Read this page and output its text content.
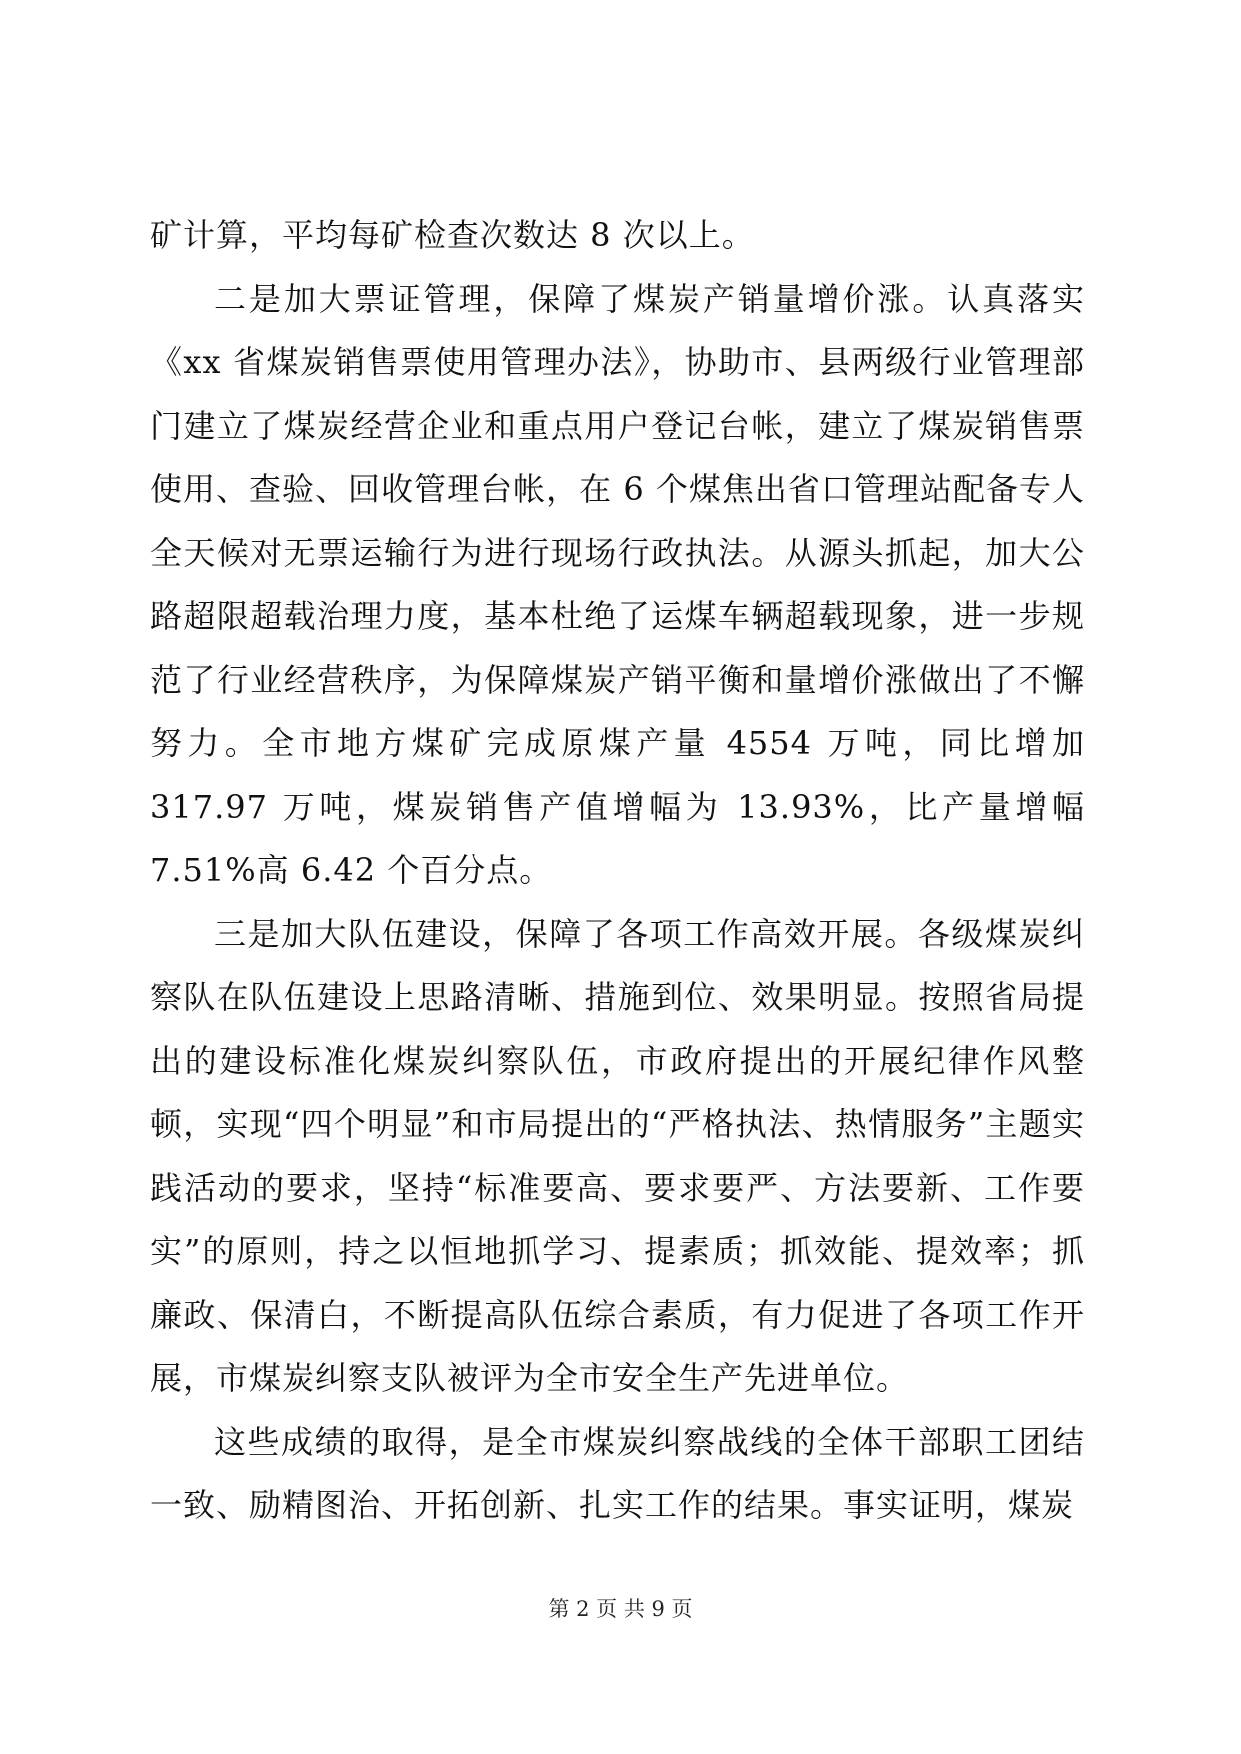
矿计算，平均每矿检查次数达 8 次以上。

二是加大票证管理，保障了煤炭产销量增价涨。认真落实《xx 省煤炭销售票使用管理办法》，协助市、县两级行业管理部门建立了煤炭经营企业和重点用户登记台帐，建立了煤炭销售票使用、查验、回收管理台帐，在 6 个煤焦出省口管理站配备专人全天候对无票运输行为进行现场行政执法。从源头抓起，加大公路超限超载治理力度，基本杜绝了运煤车辆超载现象，进一步规范了行业经营秩序，为保障煤炭产销平衡和量增价涨做出了不懈努力。全市地方煤矿完成原煤产量 4554 万吨，同比增加 317.97 万吨，煤炭销售产值增幅为 13.93%，比产量增幅 7.51%高 6.42 个百分点。

三是加大队伍建设，保障了各项工作高效开展。各级煤炭纠察队在队伍建设上思路清晰、措施到位、效果明显。按照省局提出的建设标准化煤炭纠察队伍，市政府提出的开展纪律作风整顿，实现“四个明显”和市局提出的“严格执法、热情服务”主题实践活动的要求，坚持“标准要高、要求要严、方法要新、工作要实”的原则，持之以恒地抓学习、提素质；抓效能、提效率；抓廉政、保清白，不断提高队伍综合素质，有力促进了各项工作开展，市煤炭纠察支队被评为全市安全生产先进单位。

这些成绩的取得，是全市煤炭纠察战线的全体干部职工团结一致、励精图治、开拓创新、扎实工作的结果。事实证明，煤炭

第 2 页 共 9 页
